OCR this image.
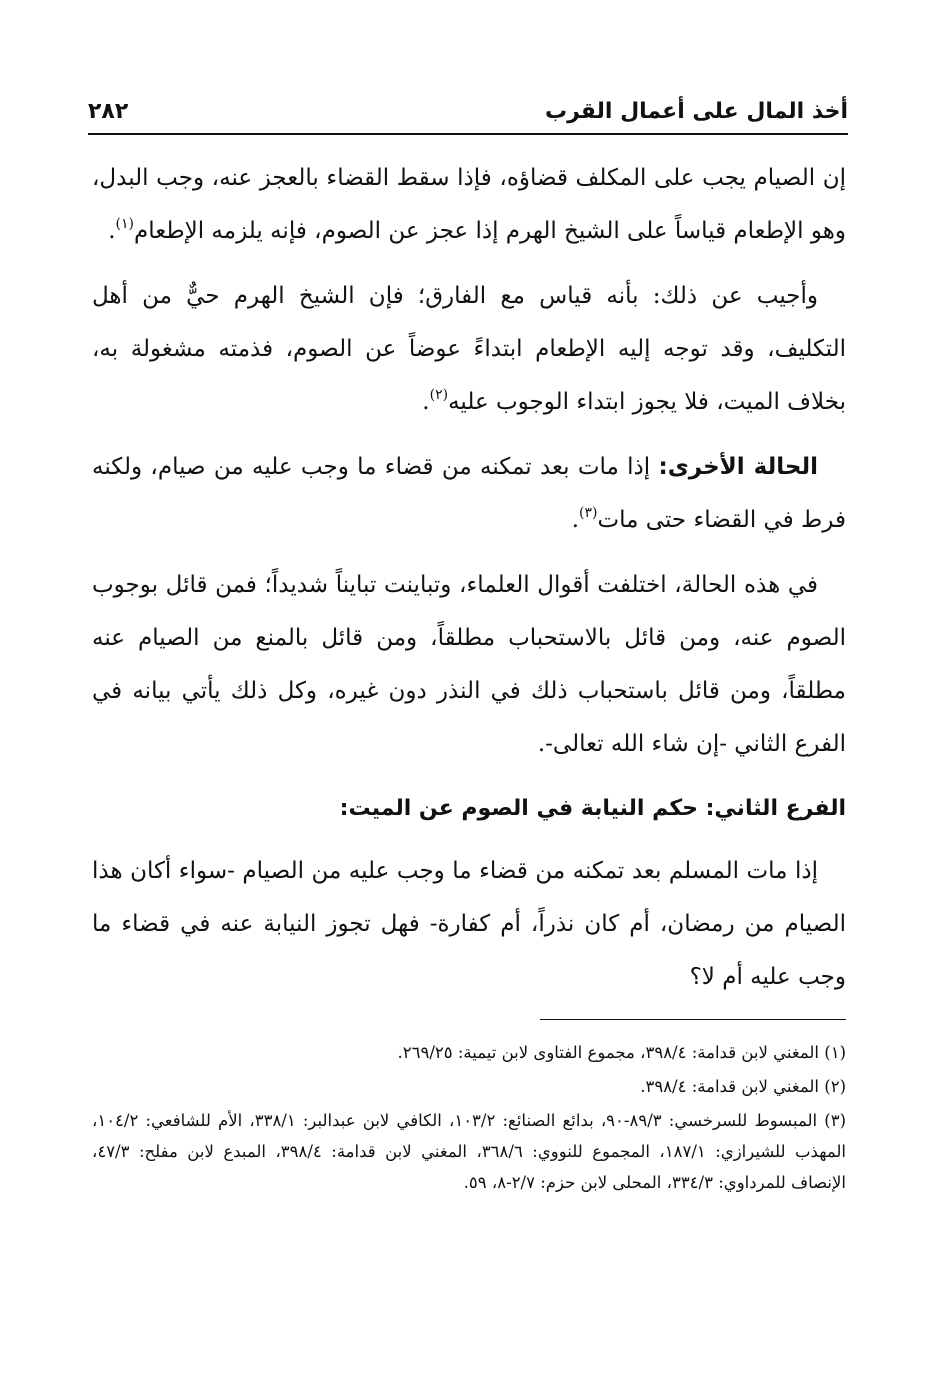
أخذ المال على أعمال القرب
٢٨٢

إن الصيام يجب على المكلف قضاؤه، فإذا سقط القضاء بالعجز عنه، وجب البدل، وهو الإطعام قياساً على الشيخ الهرم إذا عجز عن الصوم، فإنه يلزمه الإطعام$^{(١)}$.

وأجيب عن ذلك: بأنه قياس مع الفارق؛ فإن الشيخ الهرم حيٌّ من أهل التكليف، وقد توجه إليه الإطعام ابتداءً عوضاً عن الصوم، فذمته مشغولة به، بخلاف الميت، فلا يجوز ابتداء الوجوب عليه$^{(٢)}$.

الحالة الأخرى: إذا مات بعد تمكنه من قضاء ما وجب عليه من صيام، ولكنه فرط في القضاء حتى مات$^{(٣)}$.

في هذه الحالة، اختلفت أقوال العلماء، وتباينت تبايناً شديداً؛ فمن قائل بوجوب الصوم عنه، ومن قائل بالاستحباب مطلقاً، ومن قائل بالمنع من الصيام عنه مطلقاً، ومن قائل باستحباب ذلك في النذر دون غيره، وكل ذلك يأتي بيانه في الفرع الثاني -إن شاء الله تعالى-.

الفرع الثاني: حكم النيابة في الصوم عن الميت:

إذا مات المسلم بعد تمكنه من قضاء ما وجب عليه من الصيام -سواء أكان هذا الصيام من رمضان، أم كان نذراً، أم كفارة- فهل تجوز النيابة عنه في قضاء ما وجب عليه أم لا؟

(١) المغني لابن قدامة: ٣٩٨/٤، مجموع الفتاوى لابن تيمية: ٢٦٩/٢٥.

(٢) المغني لابن قدامة: ٣٩٨/٤.

(٣) المبسوط للسرخسي: ٨٩/٣-٩٠، بدائع الصنائع: ١٠٣/٢، الكافي لابن عبدالبر: ٣٣٨/١، الأم للشافعي: ١٠٤/٢، المهذب للشيرازي: ١٨٧/١، المجموع للنووي: ٣٦٨/٦، المغني لابن قدامة: ٣٩٨/٤، المبدع لابن مفلح: ٤٧/٣، الإنصاف للمرداوي: ٣٣٤/٣، المحلى لابن حزم: ٢/٧-٨، ٥٩.
